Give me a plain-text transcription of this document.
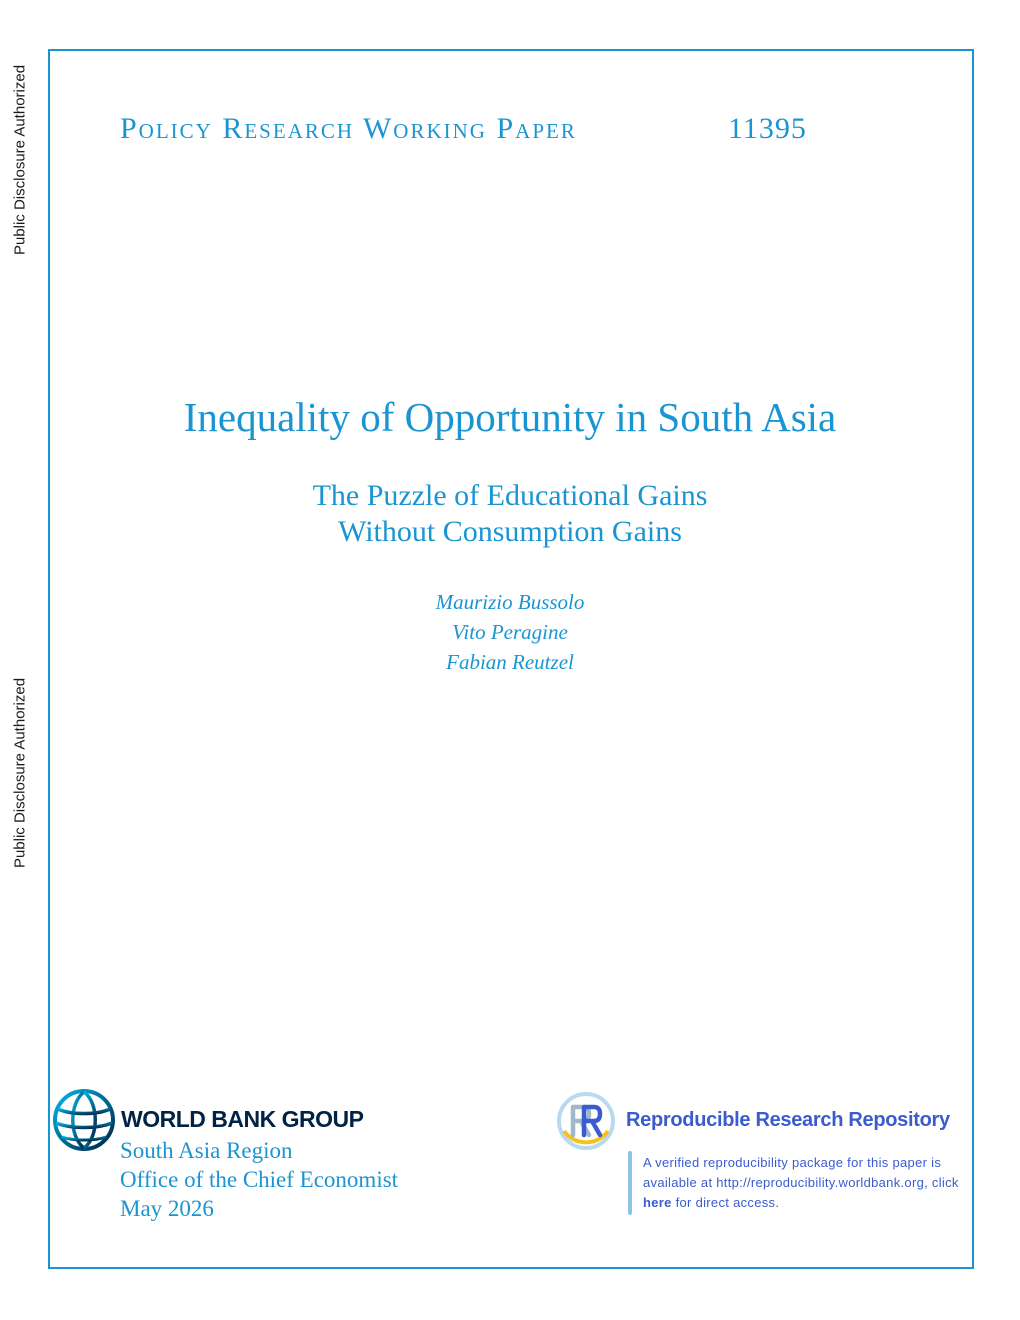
Public Disclosure Authorized
Public Disclosure Authorized
Policy Research Working Paper	11395
Inequality of Opportunity in South Asia
The Puzzle of Educational Gains
Without Consumption Gains
Maurizio Bussolo
Vito Peragine
Fabian Reutzel
WORLD BANK GROUP
South Asia Region
Office of the Chief Economist
May 2026
Reproducible Research Repository
A verified reproducibility package for this paper is available at http://reproducibility.worldbank.org, click here for direct access.
